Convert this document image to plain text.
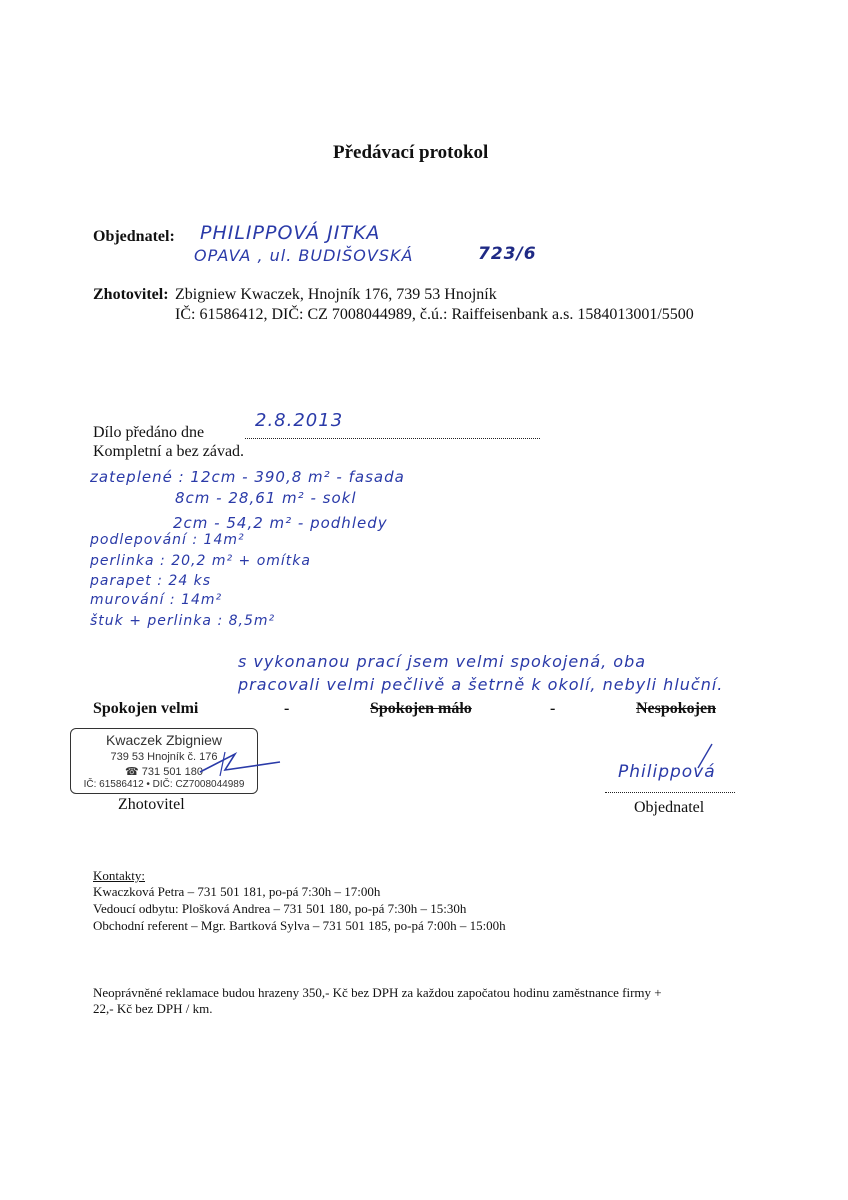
Předávací protokol
Objednatel: PHILIPPOVÁ JITKA
OPAVA , ul. BUDIŠOVSKÁ	723/6
Zhotovitel: Zbigniew Kwaczek, Hnojník 176, 739 53 Hnojník
IČ: 61586412, DIČ: CZ 7008044989, č.ú.: Raiffeisenbank a.s. 1584013001/5500
Dílo předáno dne
2.8.2013
Kompletní a bez závad.
zateplené : 12cm - 390,8 m² - fasada
8cm - 28,61 m² - sokl
2cm - 54,2 m² - podhledy
podlepování : 14m²
perlinka : 20,2 m² + omítka
parapet : 24 ks
murování : 14m²
štuk + perlinka : 8,5m²
s vykonanou prací jsem velmi spokojená, oba
pracovali velmi pečlivě a šetrně k okolí, nebyli hluční.
Spokojen velmi	-	Spokojen málo	-	Nespokojen
Kwaczek Zbigniew
739 53 Hnojník č. 176
☎ 731 501 180
IČ: 61586412 • DIČ: CZ7008044989
Zhotovitel
Philippová
Objednatel
Kontakty:
Kwaczková Petra – 731 501 181, po-pá 7:30h – 17:00h
Vedoucí odbytu: Plošková Andrea – 731 501 180, po-pá 7:30h – 15:30h
Obchodní referent – Mgr. Bartková Sylva – 731 501 185, po-pá 7:00h – 15:00h
Neoprávněné reklamace budou hrazeny 350,- Kč bez DPH za každou započatou hodinu zaměstnance firmy +
22,- Kč bez DPH / km.
